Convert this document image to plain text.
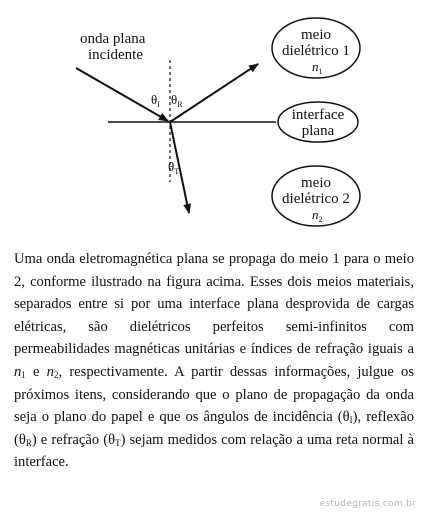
onda plana
incidente
$\theta_I$ $\theta_R$
$\theta_T$
meio
dielétrico 1
$n_1$
interface
plana
meio
dielétrico 2
$n_2$
Uma onda eletromagnética plana se propaga do meio 1 para o meio 2, conforme ilustrado na figura acima. Esses dois meios materiais, separados entre si por uma interface plana desprovida de cargas elétricas, são dielétricos perfeitos semi-infinitos com permeabilidades magnéticas unitárias e índices de refração iguais a $n_1$ e $n_2$, respectivamente. A partir dessas informações, julgue os próximos itens, considerando que o plano de propagação da onda seja o plano do papel e que os ângulos de incidência $(\theta_I)$, reflexão $(\theta_R)$ e refração $(\theta_T)$ sejam medidos com relação a uma reta normal à interface.
estudegratis.com.br
